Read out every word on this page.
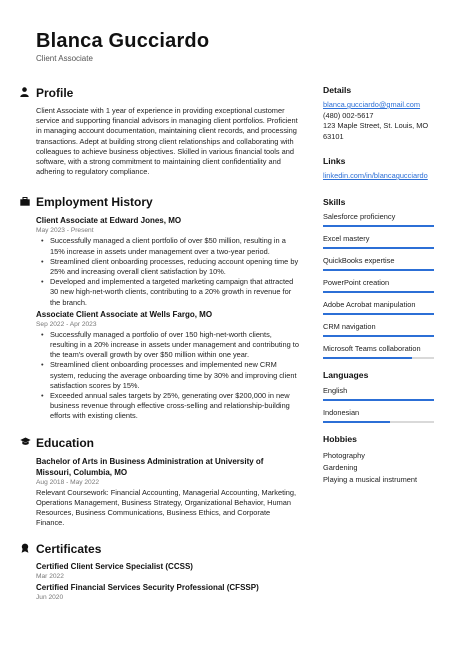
Blanca Gucciardo
Client Associate
Profile
Client Associate with 1 year of experience in providing exceptional customer service and supporting financial advisors in managing client portfolios. Proficient in managing account documentation, maintaining client records, and processing transactions. Adept at building strong client relationships and collaborating with colleagues to achieve business objectives. Skilled in various financial tools and software, with a strong commitment to maintaining client confidentiality and adhering to regulatory compliance.
Employment History
Client Associate at Edward Jones, MO
May 2023 - Present
• Successfully managed a client portfolio of over $50 million, resulting in a 15% increase in assets under management over a two-year period.
• Streamlined client onboarding processes, reducing account opening time by 25% and increasing overall client satisfaction by 10%.
• Developed and implemented a targeted marketing campaign that attracted 30 new high-net-worth clients, contributing to a 20% growth in revenue for the branch.
Associate Client Associate at Wells Fargo, MO
Sep 2022 - Apr 2023
• Successfully managed a portfolio of over 150 high-net-worth clients, resulting in a 20% increase in assets under management and contributing to the team's overall growth by over $50 million within one year.
• Streamlined client onboarding processes and implemented new CRM system, reducing the average onboarding time by 30% and improving client satisfaction scores by 15%.
• Exceeded annual sales targets by 25%, generating over $200,000 in new business revenue through effective cross-selling and relationship-building efforts with existing clients.
Education
Bachelor of Arts in Business Administration at University of Missouri, Columbia, MO
Aug 2018 - May 2022
Relevant Coursework: Financial Accounting, Managerial Accounting, Marketing, Operations Management, Business Strategy, Organizational Behavior, Human Resources, Business Communications, Business Ethics, and Corporate Finance.
Certificates
Certified Client Service Specialist (CCSS)
Mar 2022
Certified Financial Services Security Professional (CFSSP)
Jun 2020
Details
blanca.gucciardo@gmail.com
(480) 002-5617
123 Maple Street, St. Louis, MO 63101
Links
linkedin.com/in/blancagucciardo
Skills
Salesforce proficiency
Excel mastery
QuickBooks expertise
PowerPoint creation
Adobe Acrobat manipulation
CRM navigation
Microsoft Teams collaboration
Languages
English
Indonesian
Hobbies
Photography
Gardening
Playing a musical instrument
